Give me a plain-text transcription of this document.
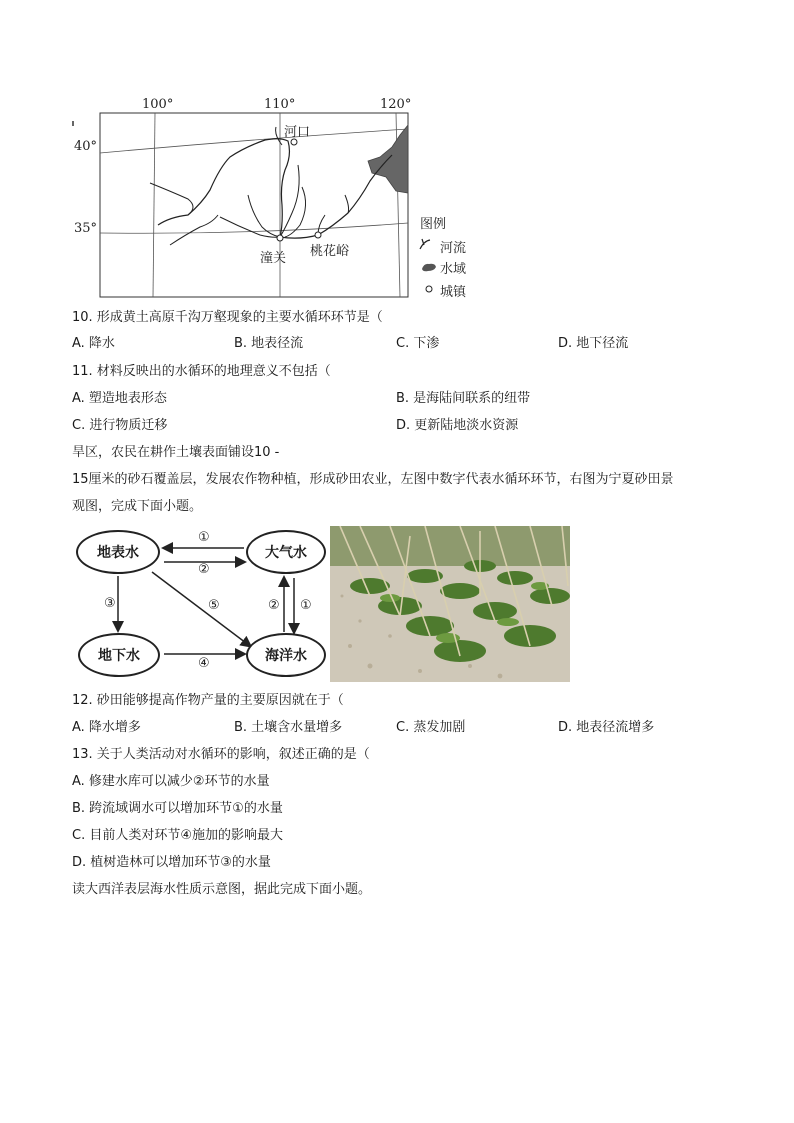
100°	110°	120°
40°
35°
河口
潼关 桃花峪
图例
河流
水域
城镇
10. 形成黄土高原千沟万壑现象的主要水循环环节是（
A. 降水	B. 地表径流	C. 下渗	D. 地下径流
11. 材料反映出的水循环的地理意义不包括（
A. 塑造地表形态	B. 是海陆间联系的纽带
C. 进行物质迁移	D. 更新陆地淡水资源
旱区，农民在耕作土壤表面铺设10 -
15厘米的砂石覆盖层，发展农作物种植，形成砂田农业，左图中数字代表水循环环节，右图为宁夏砂田景
观图，完成下面小题。
地表水	大气水
地下水	海洋水
①
②
③	⑤
④
② ①
12. 砂田能够提高作物产量的主要原因就在于（
A. 降水增多	B. 土壤含水量增多	C. 蒸发加剧	D. 地表径流增多
13. 关于人类活动对水循环的影响，叙述正确的是（
A. 修建水库可以减少②环节的水量
B. 跨流域调水可以增加环节①的水量
C. 目前人类对环节④施加的影响最大
D. 植树造林可以增加环节③的水量
读大西洋表层海水性质示意图，据此完成下面小题。
